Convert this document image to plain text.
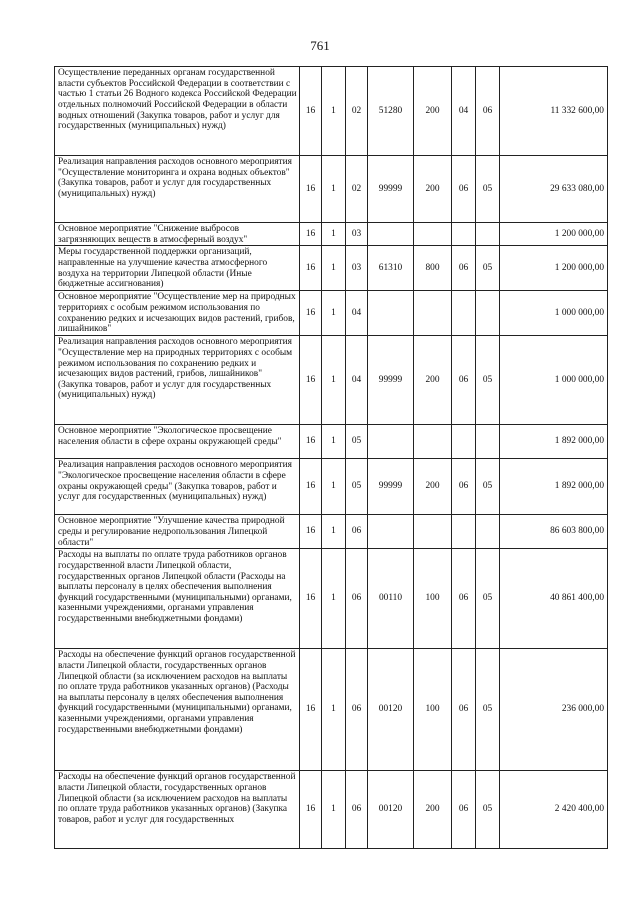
761
Осуществление переданных органам государственной власти субъектов Российской Федерации в соответствии с частью 1 статьи 26 Водного кодекса Российской Федерации отдельных полномочий Российской Федерации в области водных отношений (Закупка товаров, работ и услуг для государственных (муниципальных) нужд)	16	1	02	51280	200	04	06	11 332 600,00
Реализация направления расходов основного мероприятия "Осуществление мониторинга и охрана водных объектов" (Закупка товаров, работ и услуг для государственных (муниципальных) нужд)	16	1	02	99999	200	06	05	29 633 080,00
Основное мероприятие "Снижение выбросов загрязняющих веществ в атмосферный воздух"	16	1	03					1 200 000,00
Меры государственной поддержки организаций, направленные на улучшение качества атмосферного воздуха на территории Липецкой области (Иные бюджетные ассигнования)	16	1	03	61310	800	06	05	1 200 000,00
Основное мероприятие "Осуществление мер на природных территориях с особым режимом использования по сохранению редких и исчезающих видов растений, грибов, лишайников"	16	1	04					1 000 000,00
Реализация направления расходов основного мероприятия "Осуществление мер на природных территориях с особым режимом использования по сохранению редких и исчезающих видов растений, грибов, лишайников" (Закупка товаров, работ и услуг для государственных (муниципальных) нужд)	16	1	04	99999	200	06	05	1 000 000,00
Основное мероприятие "Экологическое просвещение населения области в сфере охраны окружающей среды"	16	1	05					1 892 000,00
Реализация направления расходов основного мероприятия "Экологическое просвещение населения области в сфере охраны окружающей среды" (Закупка товаров, работ и услуг для государственных (муниципальных) нужд)	16	1	05	99999	200	06	05	1 892 000,00
Основное мероприятие "Улучшение качества природной среды и регулирование недропользования Липецкой области"	16	1	06					86 603 800,00
Расходы на выплаты по оплате труда работников органов государственной власти Липецкой области, государственных органов Липецкой области (Расходы на выплаты персоналу в целях обеспечения выполнения функций государственными (муниципальными) органами, казенными учреждениями, органами управления государственными внебюджетными фондами)	16	1	06	00110	100	06	05	40 861 400,00
Расходы на обеспечение функций органов государственной власти Липецкой области, государственных органов Липецкой области (за исключением расходов на выплаты по оплате труда работников указанных органов) (Расходы на выплаты персоналу в целях обеспечения выполнения функций государственными (муниципальными) органами, казенными учреждениями, органами управления государственными внебюджетными фондами)	16	1	06	00120	100	06	05	236 000,00
Расходы на обеспечение функций органов государственной власти Липецкой области, государственных органов Липецкой области (за исключением расходов на выплаты по оплате труда работников указанных органов) (Закупка товаров, работ и услуг для государственных	16	1	06	00120	200	06	05	2 420 400,00
